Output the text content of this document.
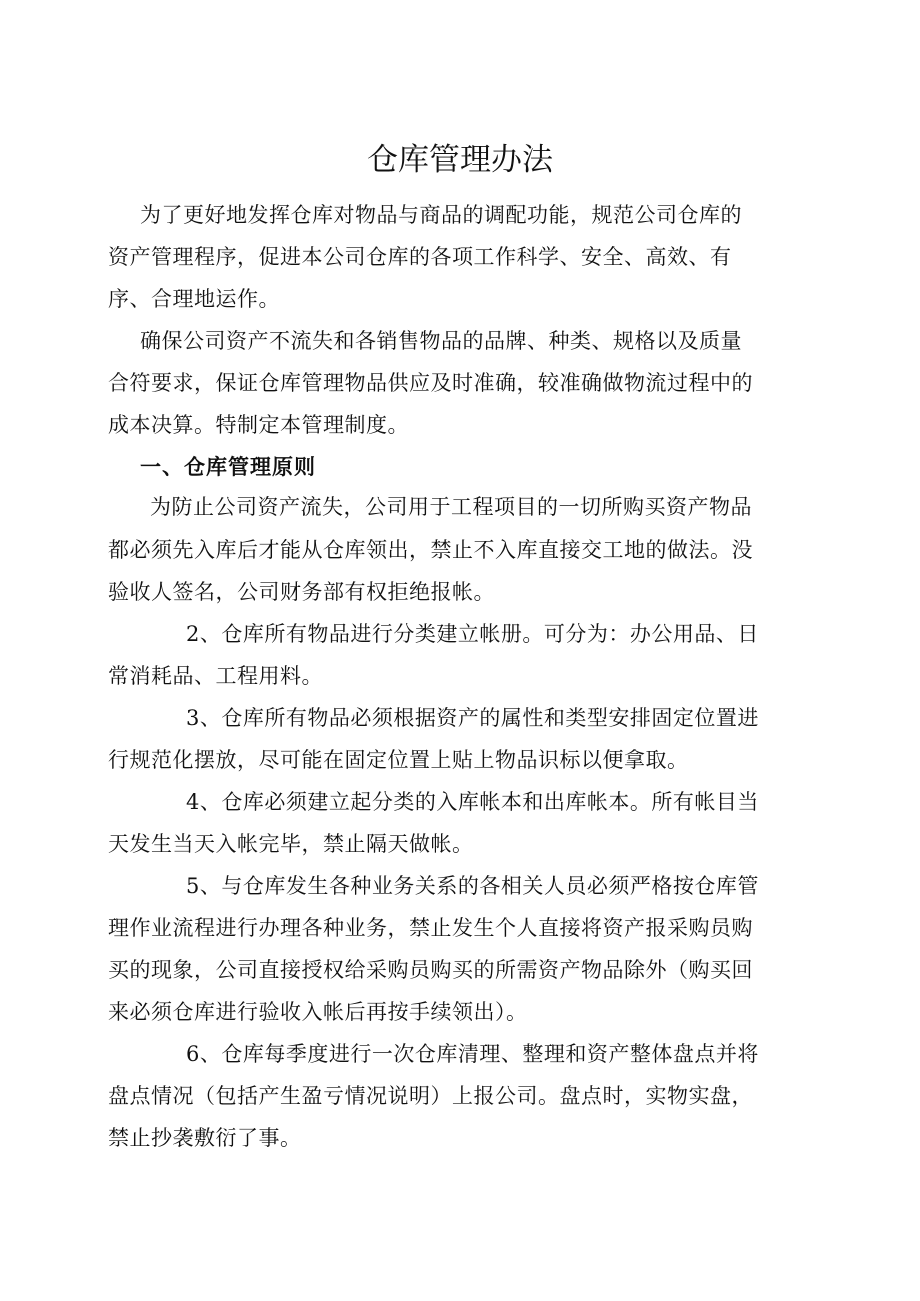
仓库管理办法
为了更好地发挥仓库对物品与商品的调配功能，规范公司仓库的
资产管理程序，促进本公司仓库的各项工作科学、安全、高效、有
序、合理地运作。
确保公司资产不流失和各销售物品的品牌、种类、规格以及质量
合符要求，保证仓库管理物品供应及时准确，较准确做物流过程中的
成本决算。特制定本管理制度。
一、仓库管理原则
为防止公司资产流失，公司用于工程项目的一切所购买资产物品
都必须先入库后才能从仓库领出，禁止不入库直接交工地的做法。没
验收人签名，公司财务部有权拒绝报帐。
2、仓库所有物品进行分类建立帐册。可分为：办公用品、日
常消耗品、工程用料。
3、仓库所有物品必须根据资产的属性和类型安排固定位置进
行规范化摆放，尽可能在固定位置上贴上物品识标以便拿取。
4、仓库必须建立起分类的入库帐本和出库帐本。所有帐目当
天发生当天入帐完毕，禁止隔天做帐。
5、与仓库发生各种业务关系的各相关人员必须严格按仓库管
理作业流程进行办理各种业务，禁止发生个人直接将资产报采购员购
买的现象，公司直接授权给采购员购买的所需资产物品除外（购买回
来必须仓库进行验收入帐后再按手续领出）。
6、仓库每季度进行一次仓库清理、整理和资产整体盘点并将
盘点情况（包括产生盈亏情况说明）上报公司。盘点时，实物实盘，
禁止抄袭敷衍了事。
